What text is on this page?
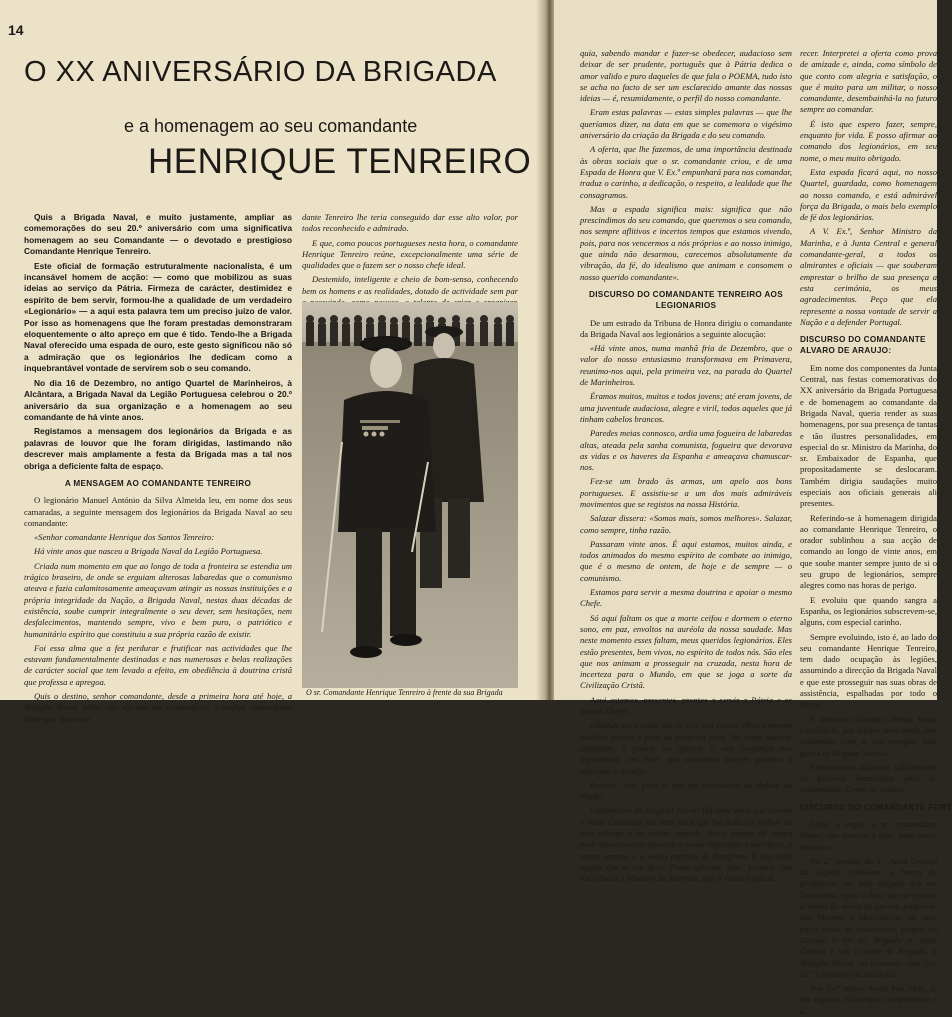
14
O XX ANIVERSÁRIO DA BRIGADA
e a homenagem ao seu comandante
HENRIQUE TENREIRO

Quis a Brigada Naval, e muito justamente, ampliar as comemorações do seu 20.º aniversário com uma significativa homenagem ao seu Comandante — o devotado e prestigioso Comandante Henrique Tenreiro.

Este oficial de formação estruturalmente nacionalista, é um incansável homem de acção: — como que mobilizou as suas ideias ao serviço da Pátria. Firmeza de carácter, destimidez e espírito de bem servir, formou-lhe a qualidade de um verdadeiro «Legionário» — a aqui esta palavra tem um preciso juízo de valor. Por isso as homenagens que lhe foram prestadas demonstraram eloquentemente o alto apreço em que é tido. Tendo-lhe a Brigada Naval oferecido uma espada de ouro, este gesto significou não só a admiração que os legionários lhe dedicam como a inquebrantável vontade de servirem sob o seu comando.

No dia 16 de Dezembro, no antigo Quartel de Marinheiros, à Alcântara, a Brigada Naval da Legião Portuguesa celebrou o 20.º aniversário da sua organização e a homenagem ao seu comandante de há vinte anos.

Registamos a mensagem dos legionários da Brigada e as palavras de louvor que lhe foram dirigidas, lastimando não descrever mais amplamente a festa da Brigada mas a tal nos obriga a deficiente falta de espaço.

A MENSAGEM AO COMANDANTE TENREIRO

O legionário Manuel António da Silva Almeida leu, em nome dos seus camaradas, a seguinte mensagem dos legionários da Brigada Naval ao seu comandante:

«Senhor comandante Henrique dos Santos Tenreiro:

Há vinte anos que nasceu a Brigada Naval da Legião Portuguesa.

Criada num momento em que ao longo de toda a fronteira se estendia um trágico braseiro, de onde se erguiam alterosas labaredas que o comunismo ateava e fazia calamitosamente ameaçavam atingir as nossas instituições e a própria integridade da Nação, a Brigada Naval, nestas duas décadas de existência, soube cumprir integralmente o seu dever, sem hesitações, nem desfalecimentos, mantendo sempre, vivo e bem puro, o patriótico e humanitário espírito que constituiu a sua própria razão de existir.

Foi essa alma que a fez perdurar e frutificar nas actividades que lhe estavam fundamentalmente destinadas e nas numerosas e belas realizações de carácter social que tem levado a efeito, em obediência à doutrina cristã que professa e apregoa.

Quis o destino, senhor comandante, desde a primeira hora até hoje, a Brigada Naval, tenha tido apenas um comandante: o senhor comandante Henrique Tenreiro!

dante Tenreiro lhe teria conseguido dar esse alto valor, por todos reconhecido e admirado.

E que, como poucos portugueses nesta hora, o comandante Henrique Tenreiro reúne, excepcionalmente uma série de qualidades que o fazem ser o nosso chefe ideal.

Destemido, inteligente e cheio de bom-senso, conhecendo bem os homens e as realidades, dotado de actividade sem par

O sr. Comandante Henrique Tenreiro à frente da sua Brigada

quia, sabendo mandar e fazer-se obedecer, audacioso sem deixar de ser prudente, português que à Pátria dedica o amor valido e puro daqueles de que fala o POEMA, tudo isto se acha no facto de ser um esclarecido amante das nossas ideias — é, resumidamente, o perfil do nosso comandante.

Eram estas palavras — estas simples palavras — que lhe queríamos dizer, na data em que se comemora o vigésimo aniversário da criação da Brigada e do seu comando.

A oferta, que lhe fazemos, de uma importância destinada às obras sociais que o sr. comandante criou, e de uma Espada de Honra que V. Ex.ª empunhará para nos comandar, traduz o carinho, a dedicação, o respeito, a lealdade que lhe consagramos.

Mas a espada significa mais: significa que não prescindimos do seu comando, que queremos o seu comando, nos sempre aflitivos e incertos tempos que estamos vivendo, pois, para nos vencermos a nós próprios e ao nosso inimigo, que ainda não desarmou, carecemos absolutamente da vibração, da fé, do idealismo que animam e consomem o nosso querido comandante».

DISCURSO DO COMANDANTE TENREIRO AOS LEGIONARIOS

De um estrado da Tribuna de Honra dirigiu o comandante da Brigada Naval aos legionários a seguinte alocução:

«Há vinte anos, numa manhã fria de Dezembro, que o valor do nosso entusiasmo transformava em Primavera, reunimo-nos aqui, pela primeira vez, na parada do Quartel de Marinheiros.

Éramos muitos, muitos e todos jovens; até eram jovens, de uma juventude audaciosa, alegre e viril, todos aqueles que já tinham cabelos brancos.

Paredes meias connosco, ardia uma fogueira de labaredas altas, ateada pela sanha comunista, fogueira que devorava as vidas e os haveres da Espanha e ameaçava chamuscar-nos.

Fez-se um brado às armas, um apelo aos bons portugueses. E assistiu-se a um dos mais admiráveis movimentos que se registos na nossa História.

Salazar dissera: «Somos mais, somos melhores». Salazar, como sempre, tinha razão.

Passaram vinte anos. É aqui estamos, muitos ainda, e todos animados do mesmo espírito de combate ao inimigo, que é o mesmo de ontem, de hoje e de sempre — o comunismo.

Estamos para servir a mesma doutrina e apoiar o mesmo Chefe.

Só aqui faltam os que a morte ceifou e dormem o eterno sono, em paz, envoltos na auréola da nossa saudade. Mas neste momento esses faltam, meus queridos legionários. Eles estão presentes, bem vivos, no espírito de todos nós. São eles que nos animam a prosseguir na cruzada, nesta hora de incerteza para o Mundo, em que se joga a sorte da Civilização Cristã.

Aqui estamos, presentes, prontos a servir a Pátria e os nossos Chefes.

Olhando para todos vós eu vejo nos vossos olhos a mesma audácia juvenil e forte da primeira hora. Tal como Salazar sublinhou, é pouco, ao afirmar a sua confiança nos legionários, em dizer que estaremos sempre prontos a enfrentar o inimigo.

Prontos, sim, para o que for necessário na defesa da Nação.

Legionários da Brigada Naval: Há vinte anos que assumi o vosso Comando. Há vinte anos que lhe dedico o melhor do meu esforço e da minha vontade. Neste espaço de tempo pude sinceramente apreciar a vossa dedicação e sacrifício, o vosso aprumo e o vosso espírito de disciplina. É isto tudo aquilo que a vós devo. Posso afirmar, aqui, perante Sua Excelência o Ministro da Marinha, que a vossa legião é...

recer. Interpretei a oferta como prova de amizade e, ainda, como símbolo de que conto com alegria e satisfação, o que é muito para um militar, o nosso comandante, desembainhá-la no futuro sempre ao comandar.

É isto que espero fazer, sempre, enquanto for vida. E posso afirmar ao comando dos legionários, em seu nome, o meu muito obrigado.

Esta espada ficará aqui, no nosso Quartel, guardada, como homenagem ao nosso comando, e está admirável força da Brigada, o mais belo exemplo de fé dos legionários.

A V. Ex.ª, Senhor Ministro da Marinha, e à Junta Central e general comandante-geral, a todos os almirantes e oficiais — que souberam emprestar o brilho de sua presença a esta cerimónia, os meus agradecimentos. Peço que ela represente a nossa vontade de servir a Nação e a defender Portugal.

DISCURSO DO COMANDANTE ALVARO DE ARAUJO:

Em nome dos componentes da Junta Central, nas festas comemorativas do XX aniversário da Brigada Portuguesa e de homenagem ao comandante da Brigada Naval, queria render as suas homenagens, por sua presença de tantas e tão ilustres personalidades, em especial do sr. Ministro da Marinha, do sr. Embaixador de Espanha, que propositadamente se deslocaram. Também dirigia saudações muito especiais aos oficiais generais ali presentes.

Referindo-se à homenagem dirigida ao comandante Henrique Tenreiro, o orador sublinhou a sua acção de comando ao longo de vinte anos, em que soube manter sempre junto de si o seu grupo de legionários, sempre alegres como nas horas de perigo.

E evoluiu que quando sangra a Espanha, os legionários subscrevem-se, alguns, com especial carinho.

Sempre evoluindo, isto é, ao lado do seu comandante Henrique Tenreiro, tem dado ocupação às legiões, assumindo a direcção da Brigada Naval e que este prosseguir nas suas obras de assistência, espalhadas por todo o litoral.

E terminou dizendo: «Possa Vossa Excelência, por muitos anos ainda, nos comandar, com a sua energia, para glória da Brigada Naval».

Entusiásticos aplausos sublinharam as palavras formuladas pelo sr. comandante Alvaro de Araújo.

DISCURSO DO COMANDANTE FORT

Falou a seguir o sr. comandante Fortes, que evocou a data, num breve discurso:

Na 2.ª reunião da 1.ª Junta Central da Legião, coube-me a honra de perfilar-me ao lado daquele que em Tarragona, após o êxito que se passou a bordo do navio de guerra, propôs-se aos Mestres e Marinheiros, de uma força naval de voluntários, propôs ao Lumiar, e foi da Brigada a Junta Central e sob o nome de Brigada, à Brigada Naval, ao comando com Sua Ex.ª o Ministro da Marinha.

Sua Ex.ª achou muito boa ideia, e, em seguida, foi sempre companheiro e à...
